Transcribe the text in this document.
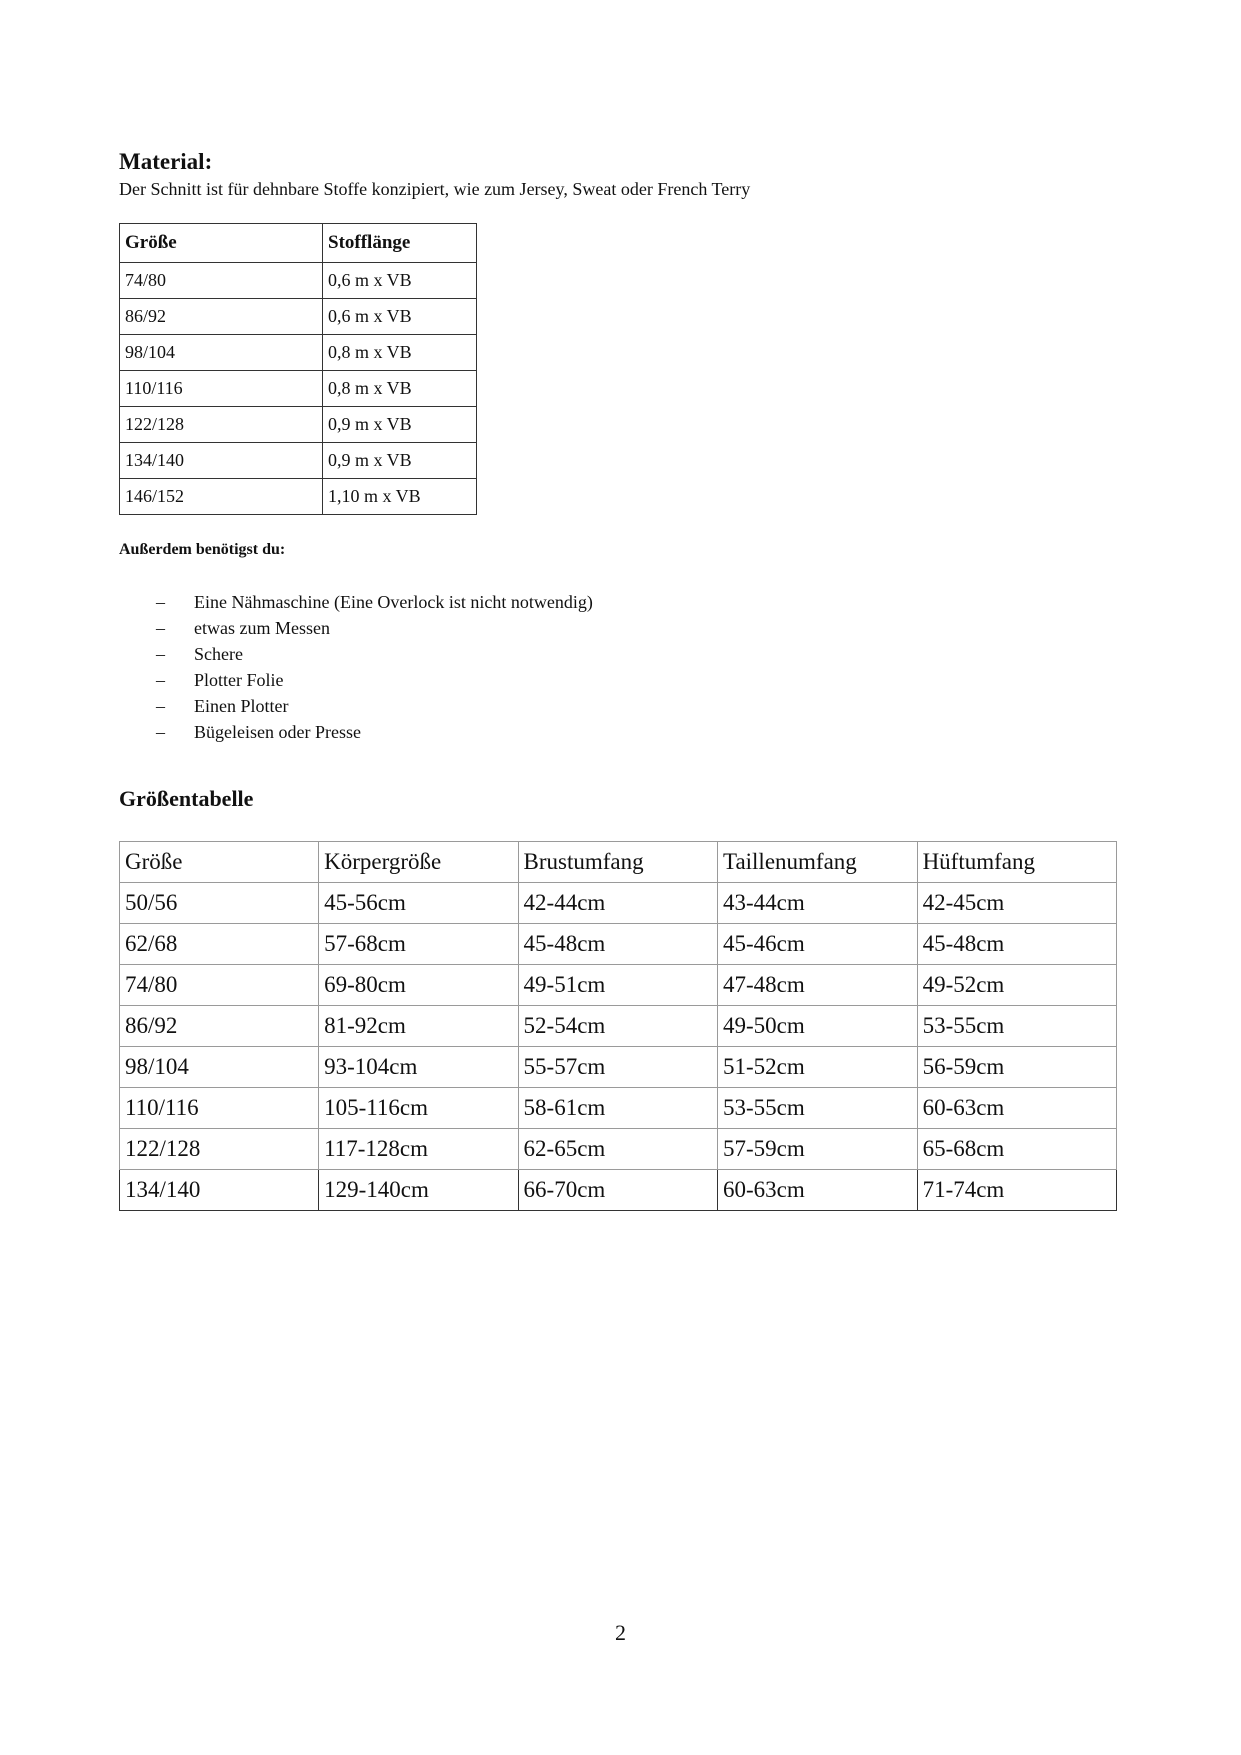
Material:

Der Schnitt ist für dehnbare Stoffe konzipiert, wie zum Jersey, Sweat oder French Terry

Größe	Stofflänge
74/80	0,6 m x VB
86/92	0,6 m x VB
98/104	0,8 m x VB
110/116	0,8 m x VB
122/128	0,9 m x VB
134/140	0,9 m x VB
146/152	1,10 m x VB

Außerdem benötigst du:

– Eine Nähmaschine (Eine Overlock ist nicht notwendig)
– etwas zum Messen
– Schere
– Plotter Folie
– Einen Plotter
– Bügeleisen oder Presse
Größentabelle
Größe	Körpergröße	Brustumfang	Taillenumfang	Hüftumfang
50/56	45-56cm	42-44cm	43-44cm	42-45cm
62/68	57-68cm	45-48cm	45-46cm	45-48cm
74/80	69-80cm	49-51cm	47-48cm	49-52cm
86/92	81-92cm	52-54cm	49-50cm	53-55cm
98/104	93-104cm	55-57cm	51-52cm	56-59cm
110/116	105-116cm	58-61cm	53-55cm	60-63cm
122/128	117-128cm	62-65cm	57-59cm	65-68cm
134/140	129-140cm	66-70cm	60-63cm	71-74cm
2
